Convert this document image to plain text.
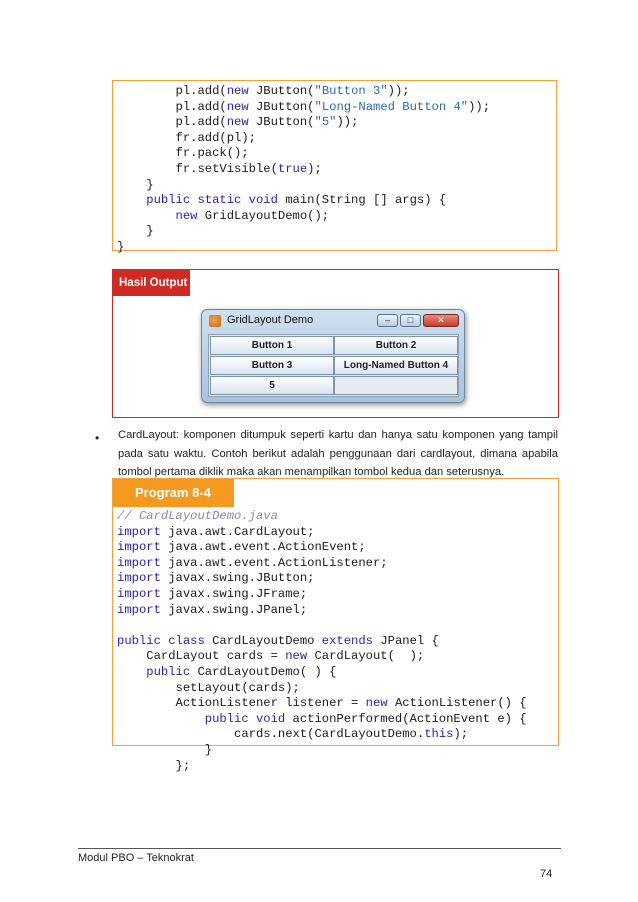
pl.add(new JButton("Button 3"));
pl.add(new JButton("Long-Named Button 4"));
pl.add(new JButton("5"));
fr.add(pl);
fr.pack();
fr.setVisible(true);
}
public static void main(String [] args) {
new GridLayoutDemo();
}
}
Hasil Output
GridLayout Demo	–	□	✕
Button 1	Button 2
Button 3	Long-Named Button 4
5
• CardLayout: komponen ditumpuk seperti kartu dan hanya satu komponen yang tampil pada satu waktu. Contoh berikut adalah penggunaan dari cardlayout, dimana apabila tombol pertama diklik maka akan menampilkan tombol kedua dan seterusnya.
Program 8-4
// CardLayoutDemo.java
import java.awt.CardLayout;
import java.awt.event.ActionEvent;
import java.awt.event.ActionListener;
import javax.swing.JButton;
import javax.swing.JFrame;
import javax.swing.JPanel;
public class CardLayoutDemo extends JPanel {
CardLayout cards = new CardLayout(  );
public CardLayoutDemo( ) {
setLayout(cards);
ActionListener listener = new ActionListener() {
public void actionPerformed(ActionEvent e) {
cards.next(CardLayoutDemo.this);
}
};
Modul PBO – Teknokrat
74
